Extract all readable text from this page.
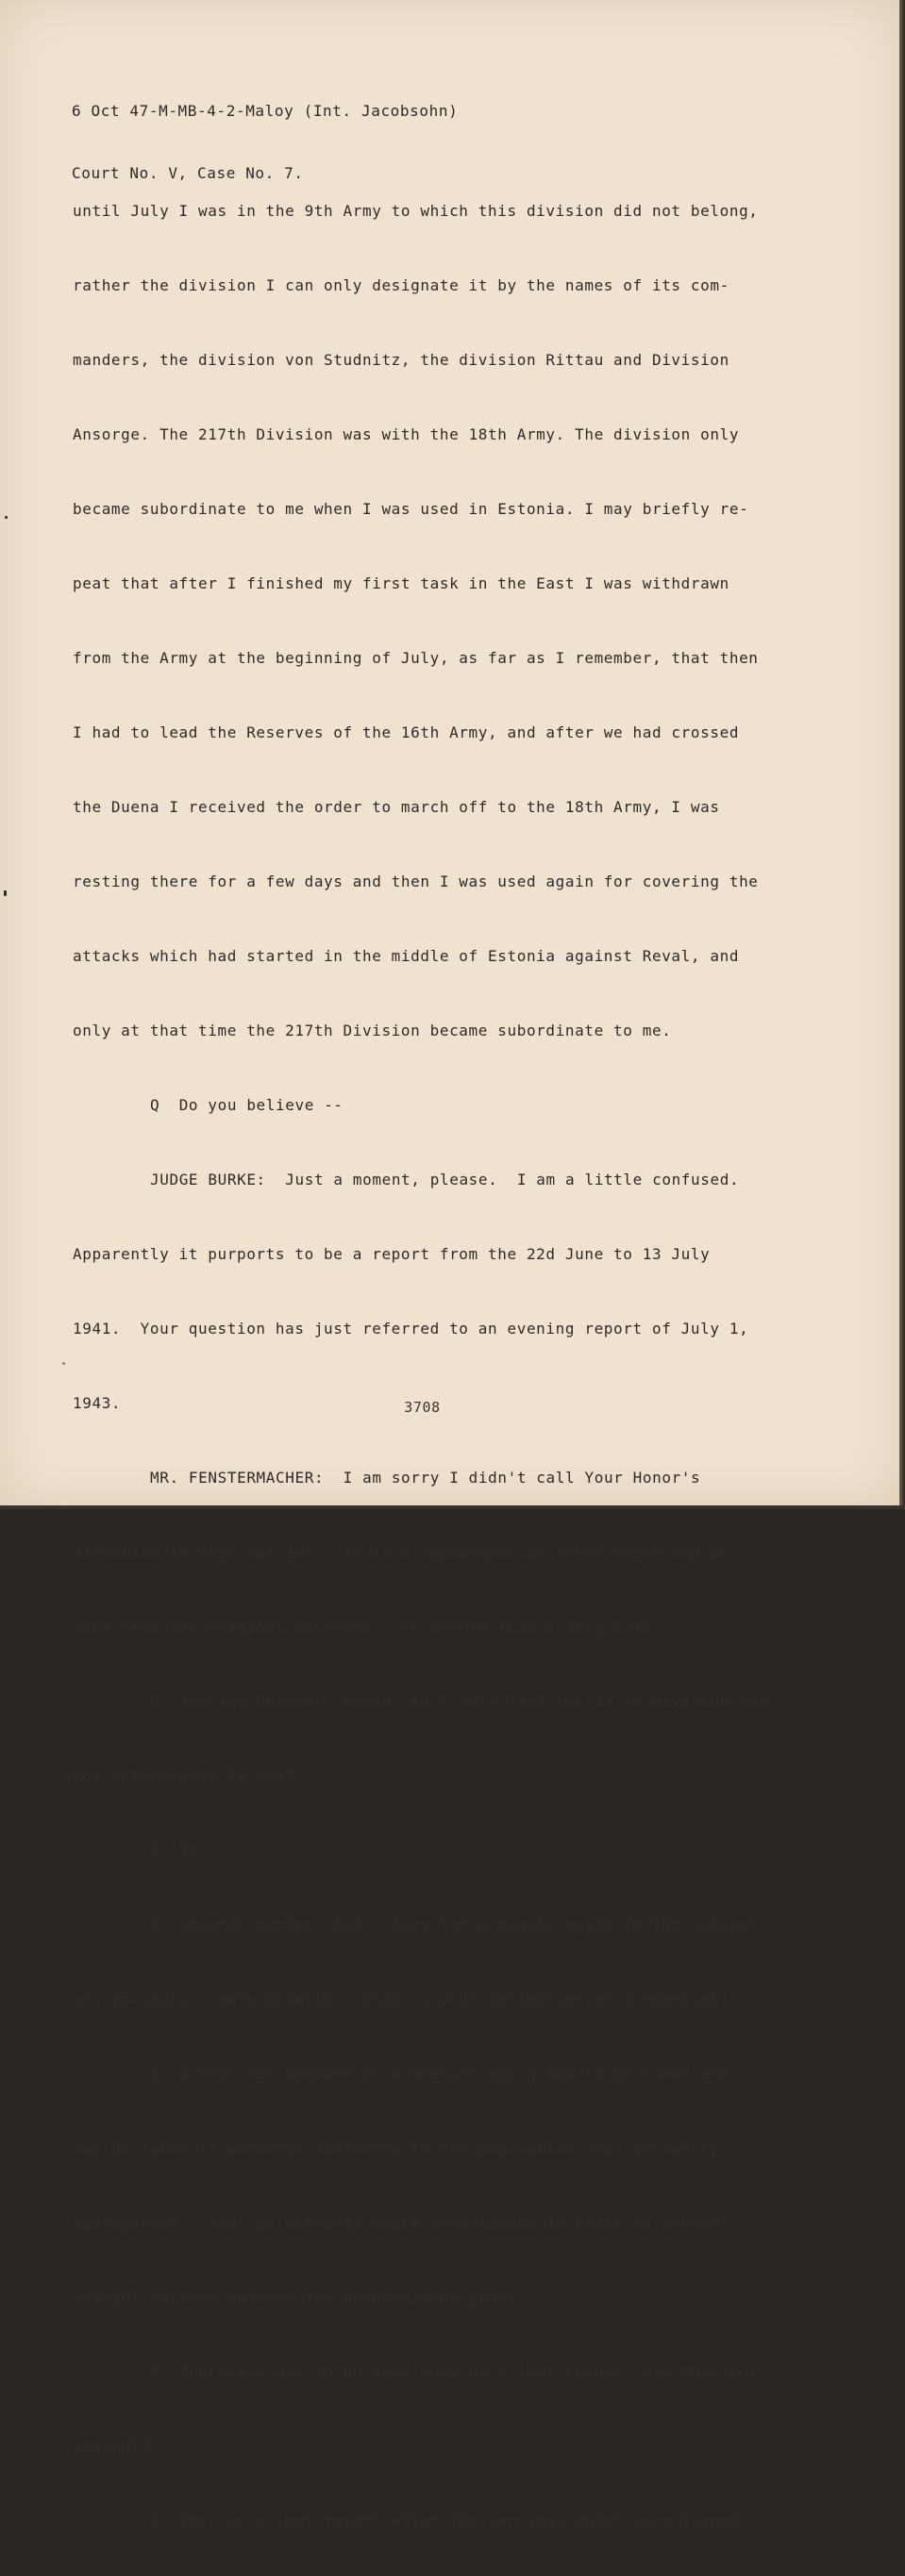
6 Oct 47-M-MB-4-2-Maloy (Int. Jacobsohn)

Court No. V, Case No. 7.

until July I was in the 9th Army to which this division did not belong,

rather the division I can only designate it by the names of its com-

manders, the division von Studnitz, the division Rittau and Division

Ansorge. The 217th Division was with the 18th Army. The division only

became subordinate to me when I was used in Estonia. I may briefly re-

peat that after I finished my first task in the East I was withdrawn

from the Army at the beginning of July, as far as I remember, that then

I had to lead the Reserves of the 16th Army, and after we had crossed

the Duena I received the order to march off to the 18th Army, I was

resting there for a few days and then I was used again for covering the

attacks which had started in the middle of Estonia against Reval, and

only at that time the 217th Division became subordinate to me.

Q  Do you believe --

JUDGE BURKE:  Just a moment, please.  I am a little confused.

Apparently it purports to be a report from the 22d June to 13 July

1941.  Your question has just referred to an evening report of July 1,

1943.

MR. FENSTERMACHER:  I am sorry I didn't call Your Honor's

attention to this earlier.  It is a typographical error which can be

seen from the original document.  It should read 1 July 1941.

Q  You say General Kuntze, on 1 July 1941 the 217th Division was

not subordinate to you?

A  No.

Q  General Kuntze, let's turn for a minute again to the subject

of reprisals - very briefly.  What is your definition of a reprisal?

A  A reprisal measure is a measure which has to be taken and

may be taken if warnings addressed to the population are constantly

disregarded.  That is warnings which were issued in order to prevent

illegal actions against the occupational power.

Q  Reprisals are to be used only as a last resort, are they not,

General?

A  Yes, as a last resort after the warnings which were issued

3708
